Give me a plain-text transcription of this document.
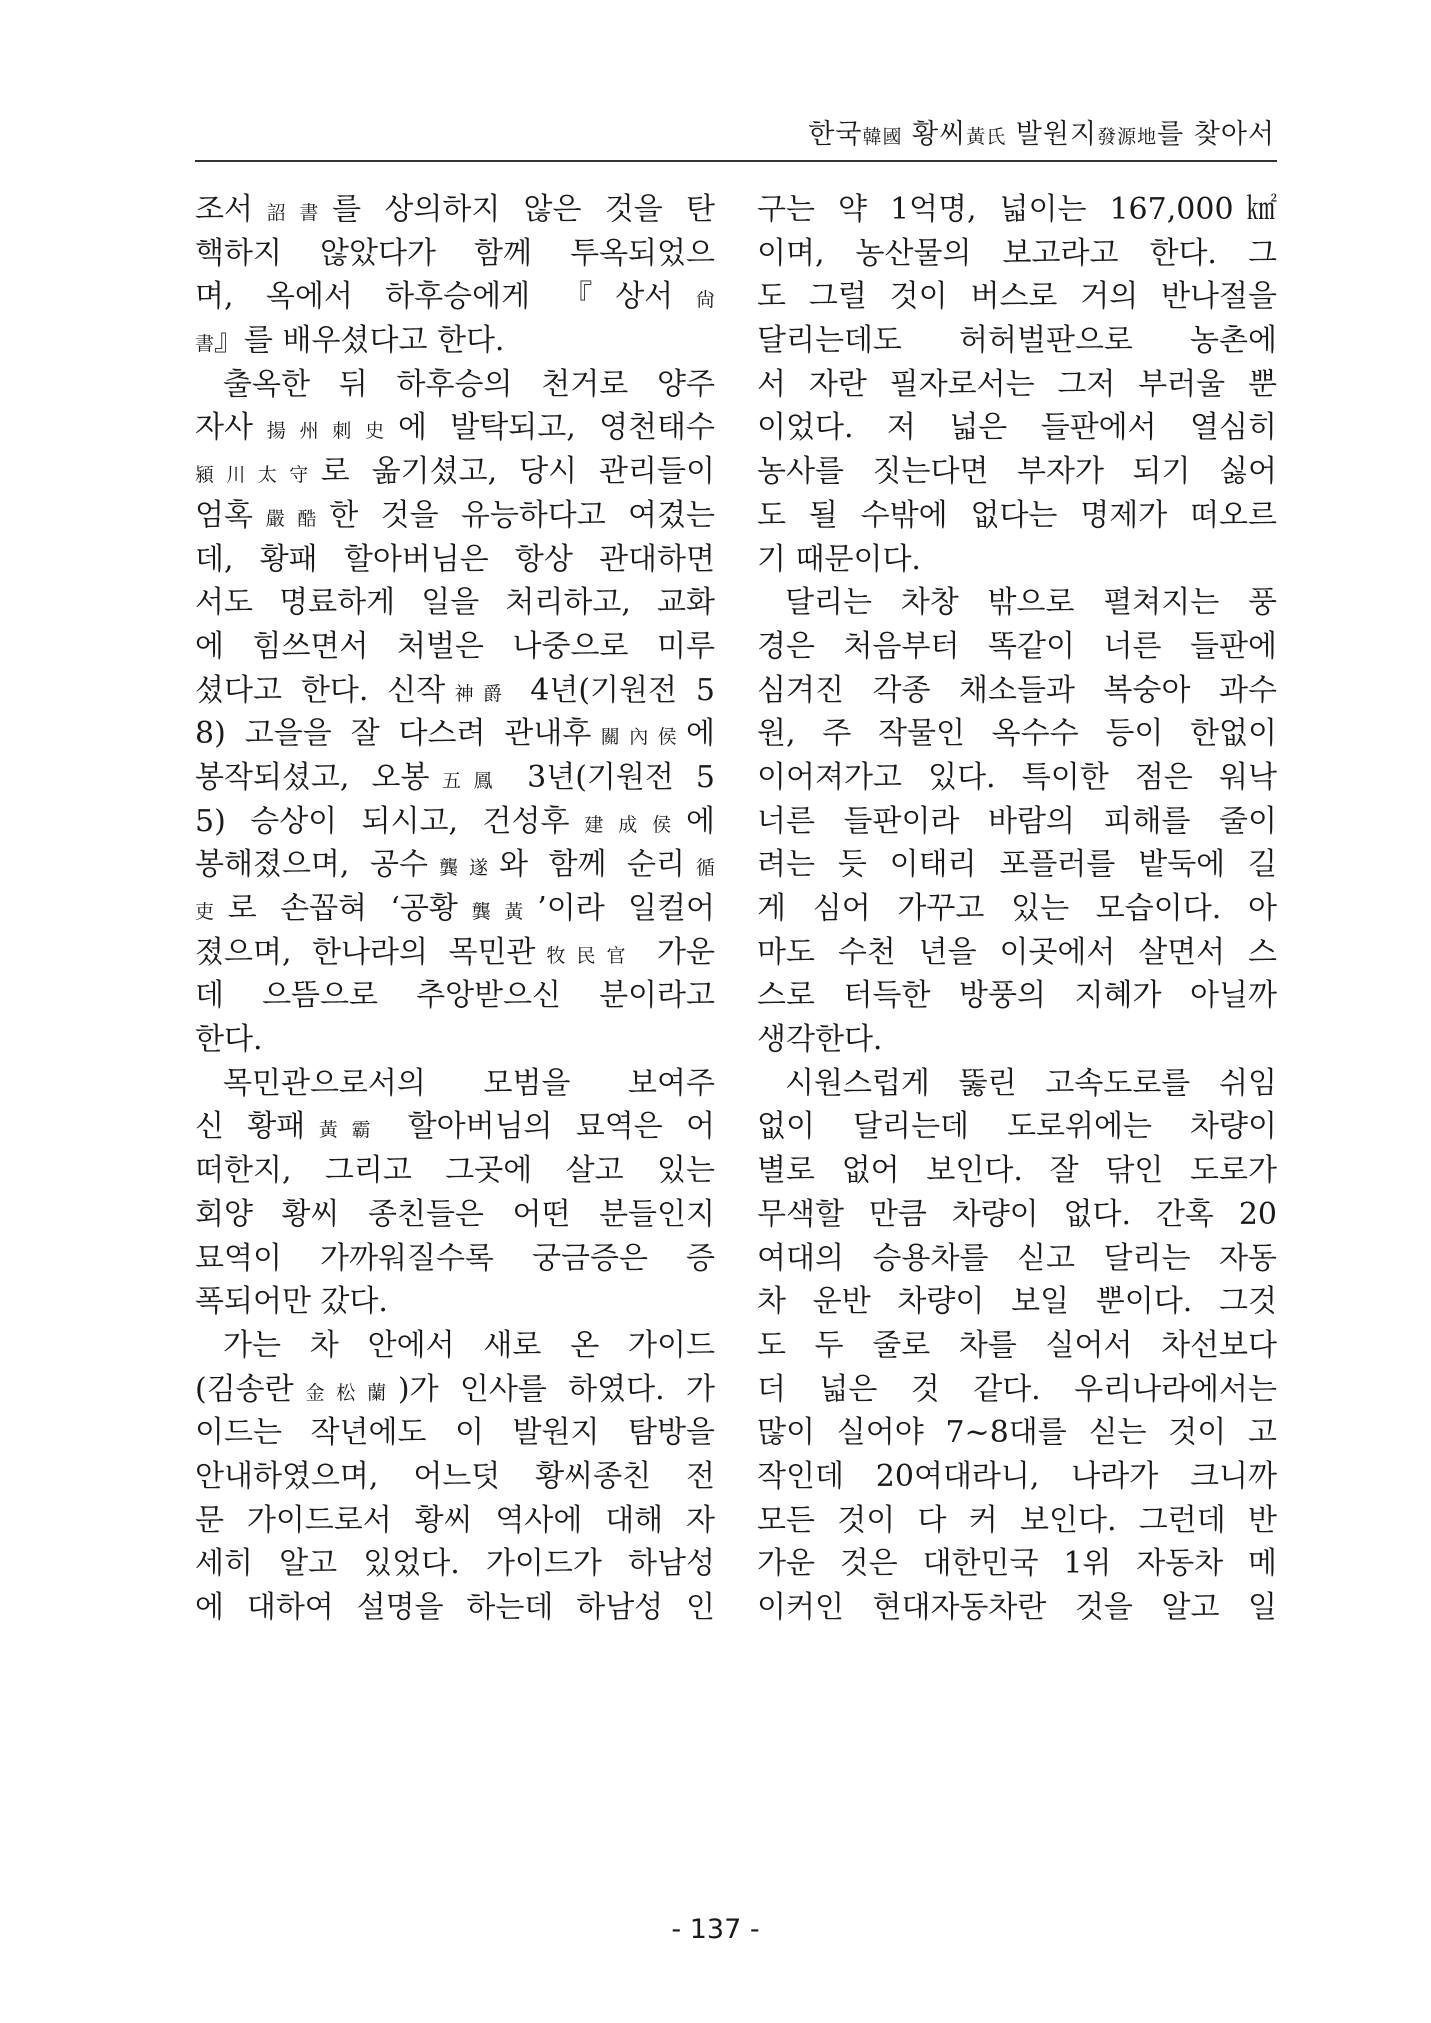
한국韓國 황씨黃氏 발원지發源地를 찾아서
조서詔書를 상의하지 않은 것을 탄
핵하지 않았다가 함께 투옥되었으
며, 옥에서 하후승에게 『상서尙
書』를 배우셨다고 한다.
출옥한 뒤 하후승의 천거로 양주
자사揚州刺史에 발탁되고, 영천태수
潁川太守로 옮기셨고, 당시 관리들이
엄혹嚴酷한 것을 유능하다고 여겼는
데, 황패 할아버님은 항상 관대하면
서도 명료하게 일을 처리하고, 교화
에 힘쓰면서 처벌은 나중으로 미루
셨다고 한다. 신작神爵 4년(기원전 5
8) 고을을 잘 다스려 관내후關內侯에
봉작되셨고, 오봉五鳳 3년(기원전 5
5) 승상이 되시고, 건성후建成侯에
봉해졌으며, 공수龔遂와 함께 순리循
吏로 손꼽혀 ‘공황龔黃’이라 일컬어
졌으며, 한나라의 목민관牧民官 가운
데 으뜸으로 추앙받으신 분이라고
한다.
목민관으로서의 모범을 보여주
신 황패黃霸 할아버님의 묘역은 어
떠한지, 그리고 그곳에 살고 있는
회양 황씨 종친들은 어떤 분들인지
묘역이 가까워질수록 궁금증은 증
폭되어만 갔다.
가는 차 안에서 새로 온 가이드
(김송란金松蘭)가 인사를 하였다. 가
이드는 작년에도 이 발원지 탐방을
안내하였으며, 어느덧 황씨종친 전
문 가이드로서 황씨 역사에 대해 자
세히 알고 있었다. 가이드가 하남성
에 대하여 설명을 하는데 하남성 인
구는 약 1억명, 넓이는 167,000㎢
이며, 농산물의 보고라고 한다. 그
도 그럴 것이 버스로 거의 반나절을
달리는데도 허허벌판으로 농촌에
서 자란 필자로서는 그저 부러울 뿐
이었다. 저 넓은 들판에서 열심히
농사를 짓는다면 부자가 되기 싫어
도 될 수밖에 없다는 명제가 떠오르
기 때문이다.
달리는 차창 밖으로 펼쳐지는 풍
경은 처음부터 똑같이 너른 들판에
심겨진 각종 채소들과 복숭아 과수
원, 주 작물인 옥수수 등이 한없이
이어져가고 있다. 특이한 점은 워낙
너른 들판이라 바람의 피해를 줄이
려는 듯 이태리 포플러를 밭둑에 길
게 심어 가꾸고 있는 모습이다. 아
마도 수천 년을 이곳에서 살면서 스
스로 터득한 방풍의 지혜가 아닐까
생각한다.
시원스럽게 뚫린 고속도로를 쉬임
없이 달리는데 도로위에는 차량이
별로 없어 보인다. 잘 닦인 도로가
무색할 만큼 차량이 없다. 간혹 20
여대의 승용차를 싣고 달리는 자동
차 운반 차량이 보일 뿐이다. 그것
도 두 줄로 차를 실어서 차선보다
더 넓은 것 같다. 우리나라에서는
많이 실어야 7~8대를 싣는 것이 고
작인데 20여대라니, 나라가 크니까
모든 것이 다 커 보인다. 그런데 반
가운 것은 대한민국 1위 자동차 메
이커인 현대자동차란 것을 알고 일
- 137 -
